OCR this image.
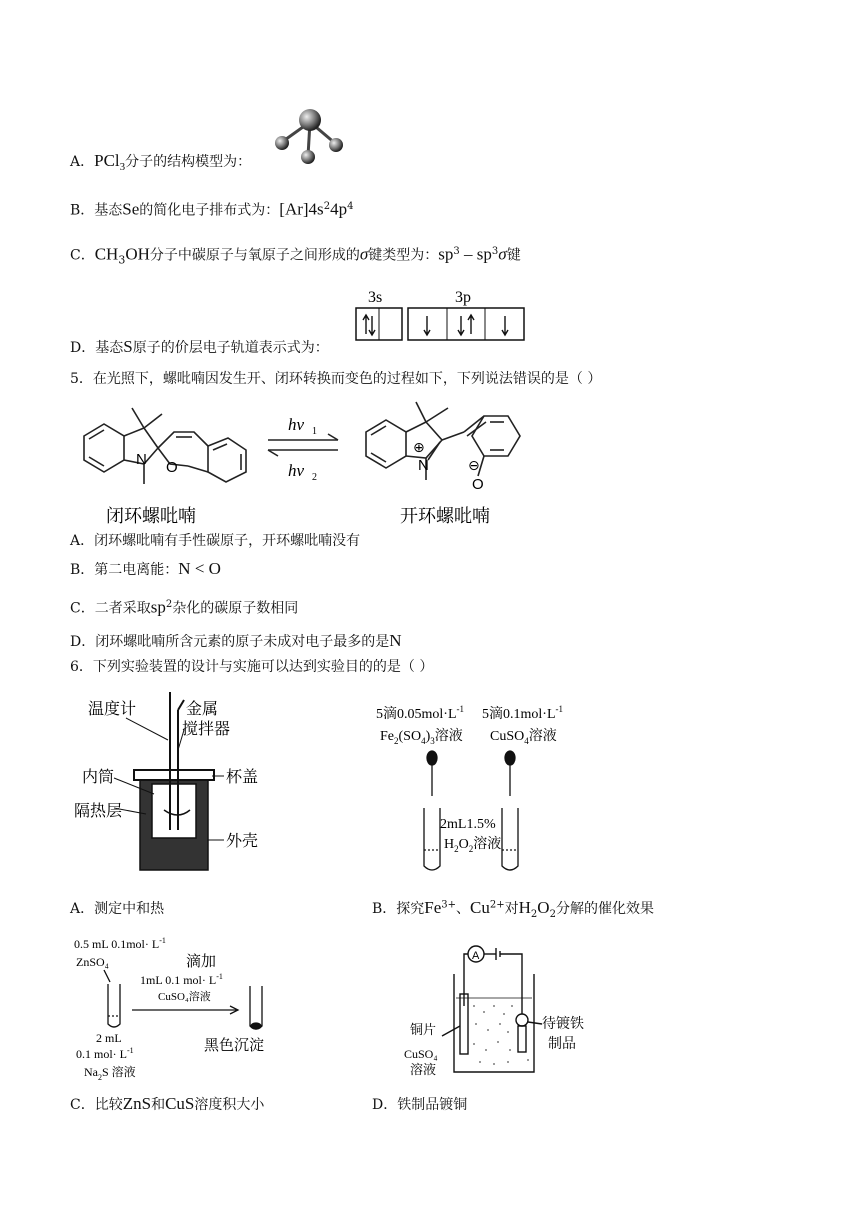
A．PCl$_3$分子的结构模型为：
B．基态Se的简化电子排布式为：$[Ar]4s^24p^4$
C．$CH_3OH$分子中碳原子与氧原子之间形成的σ键类型为：$sp^3 - sp^3\sigma$键
3s	3p
D．基态S原子的价层电子轨道表示式为：
5．在光照下，螺吡喃因发生开、闭环转换而变色的过程如下，下列说法错误的是（ ）
N O	N
⊕
O
⊖
hv 1
hv 2
闭环螺吡喃	开环螺吡喃
A．闭环螺吡喃有手性碳原子，开环螺吡喃没有
B．第二电离能：N < O
C．二者采取$sp^2$杂化的碳原子数相同
D．闭环螺吡喃所含元素的原子未成对电子最多的是N
6．下列实验装置的设计与实施可以达到实验目的的是（ ）
温度计	金属
搅拌器
内筒	杯盖
隔热层
外壳
A．测定中和热
5滴$0.05mol\cdot L^{-1}$
$Fe_2(SO_4)_3$溶液
5滴$0.1mol\cdot L^{-1}$
CuSO$_4$溶液
2mL1.5%
$H_2O_2$溶液
B．探究$Fe^{3+}$、$Cu^{2+}$对$H_2O_2$分解的催化效果
0.5 mL $0.1mol\cdot L^{-1}$
ZnSO₄
1mL 0.1 $mol\cdot L^{-1}$
CuSO₄溶液
2 mL
0.1 $mol\cdot L^{-1}$
$Na_2S$ 溶液
滴加
黑色沉淀
C．比较ZnS和CuS溶度积大小
A
铜片
CuSO₄
溶液
待镀铁
制品
D．铁制品镀铜
